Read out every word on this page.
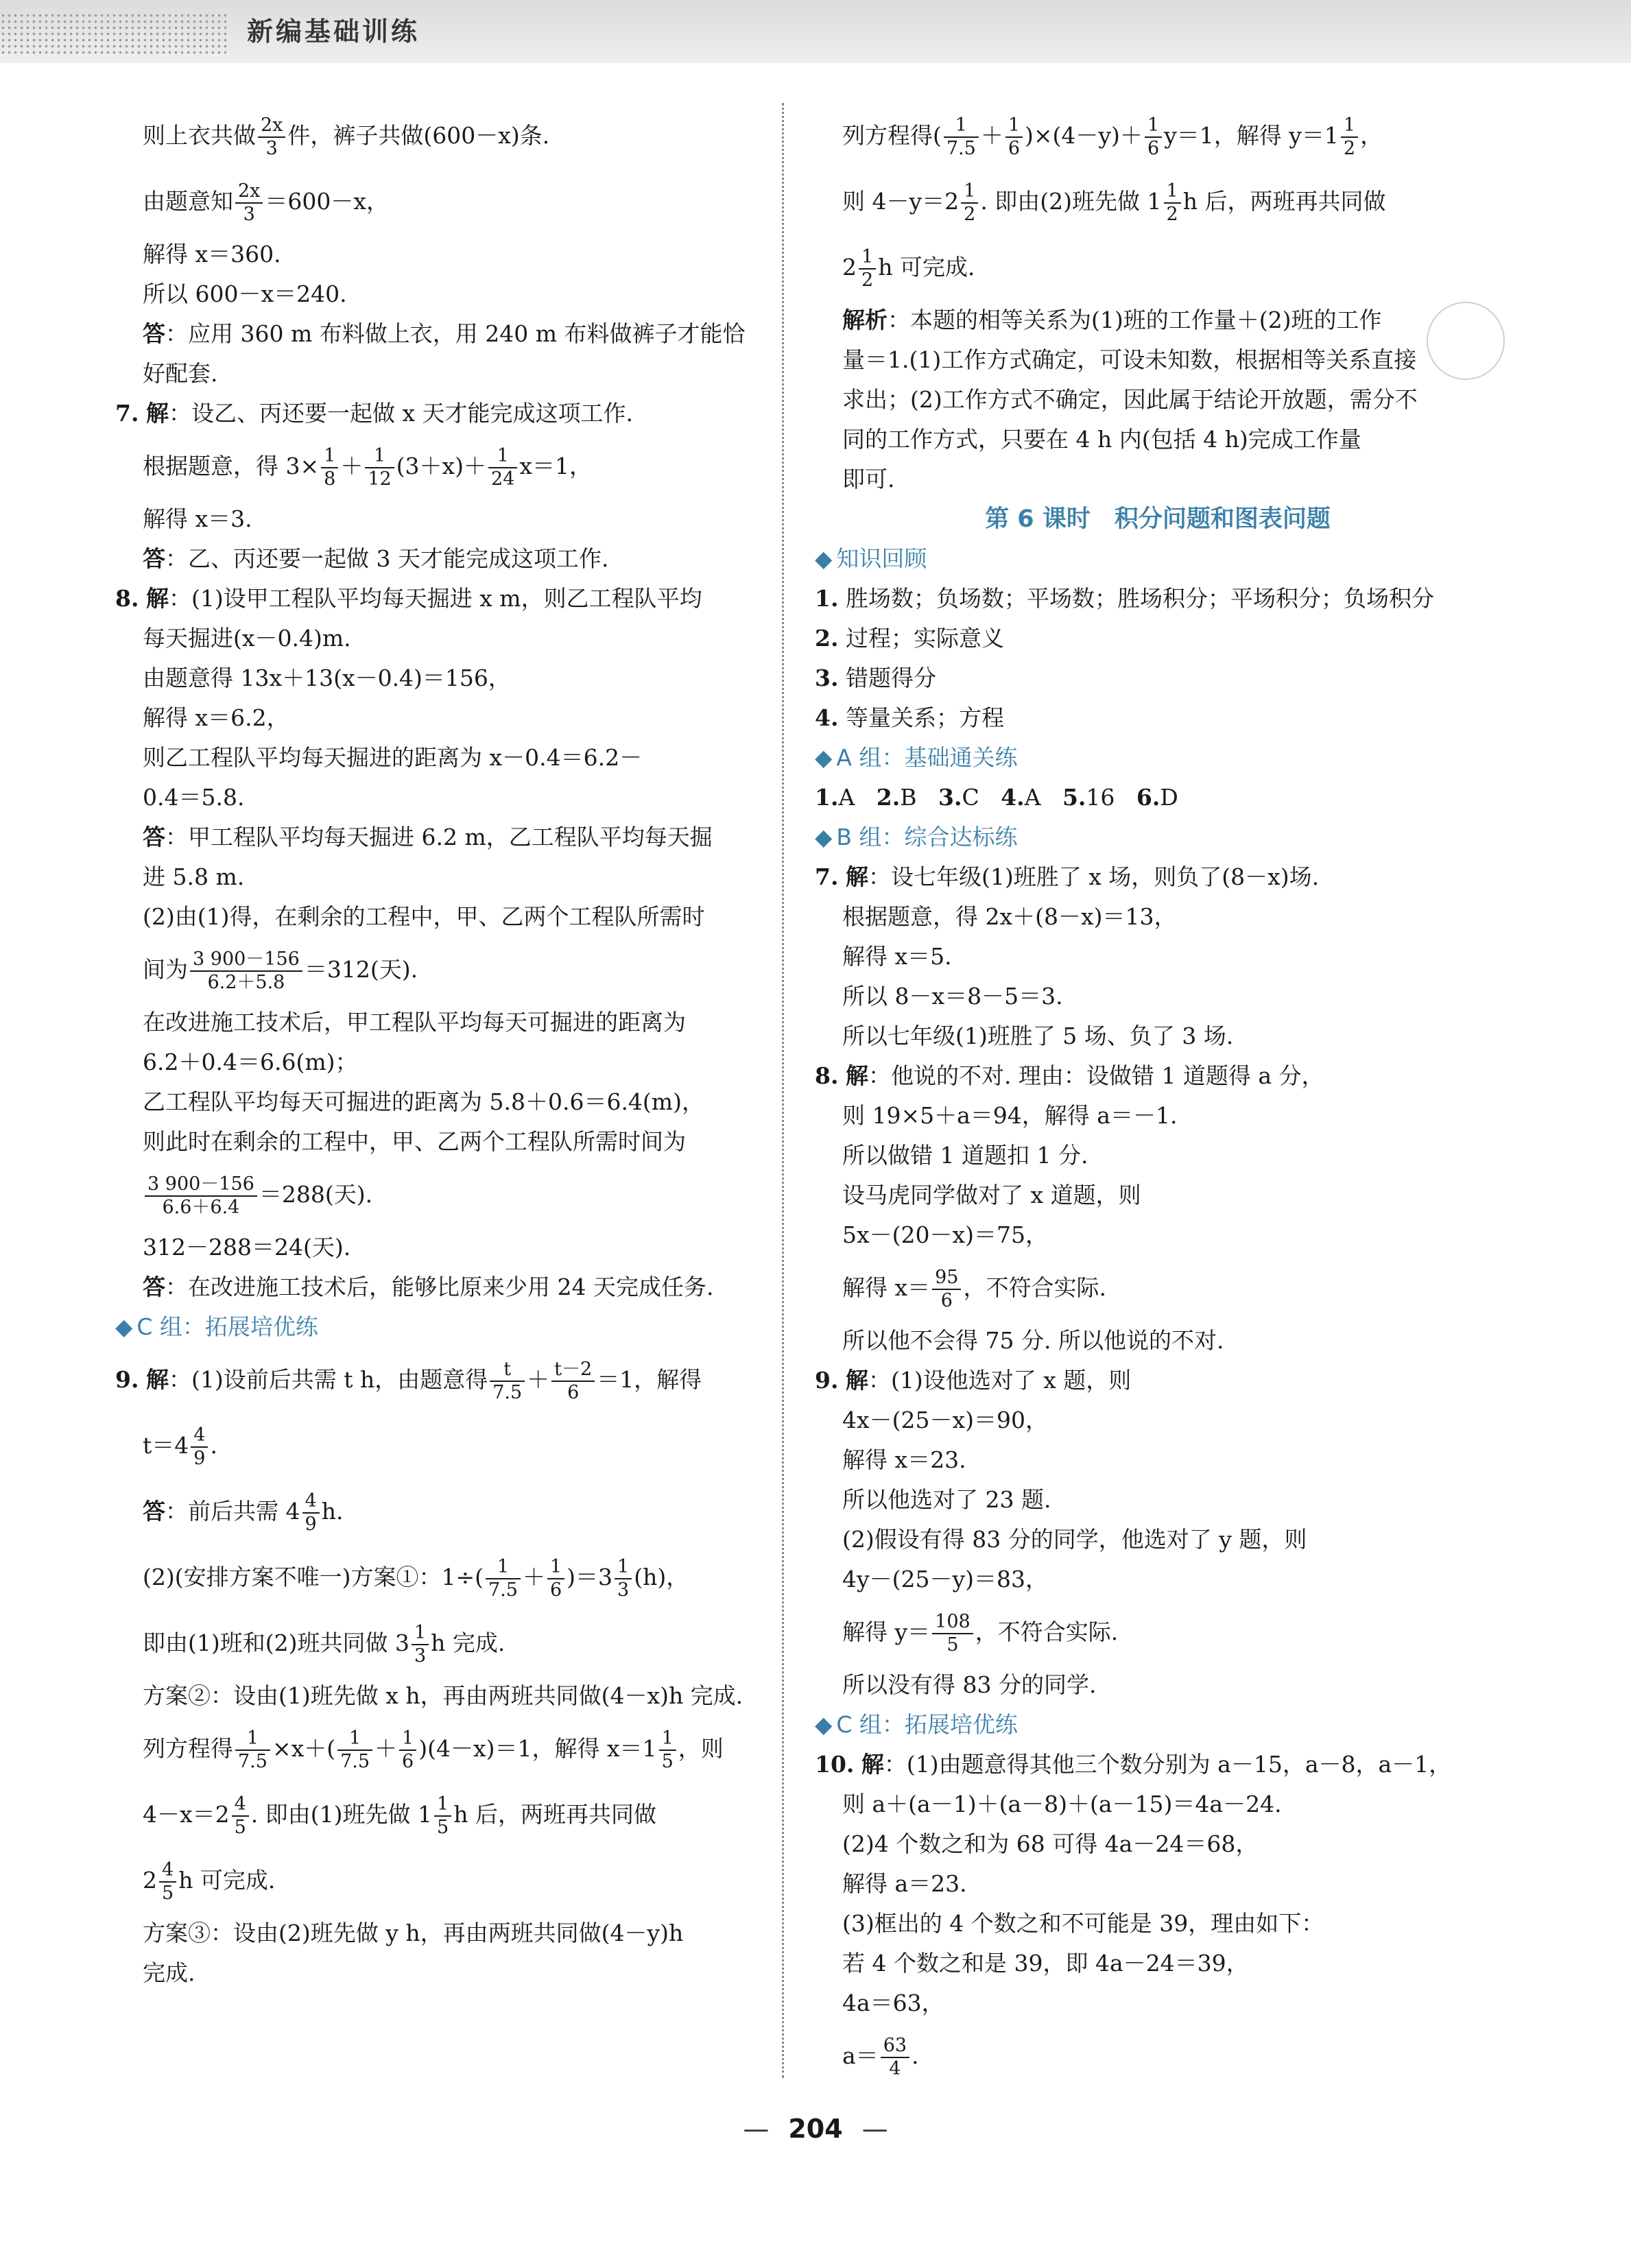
新编基础训练
则上衣共做 $\frac{2x}{3}$ 件，裤子共做(600－x)条.
由题意知 $\frac{2x}{3} =600-x$，
解得 x＝360.
所以 600－x＝240.
答：应用 360 m 布料做上衣，用 240 m 布料做裤子才能恰
好配套.
7. 解：设乙、丙还要一起做 x 天才能完成这项工作.
根据题意，得 $3\times \frac{1}{8} + \frac{1}{12} (3+x)+ \frac{1}{24} x=1$，
解得 x＝3.
答：乙、丙还要一起做 3 天才能完成这项工作.
8. 解：(1)设甲工程队平均每天掘进 x m，则乙工程队平均
每天掘进(x－0.4)m.
由题意得 13x＋13(x－0.4)＝156，
解得 x＝6.2，
则乙工程队平均每天掘进的距离为 x－0.4＝6.2－
0.4＝5.8.
答：甲工程队平均每天掘进 6.2 m，乙工程队平均每天掘
进 5.8 m.
(2)由(1)得，在剩余的工程中，甲、乙两个工程队所需时
间为 $\frac{3 900-156}{6.2+5.8} =312$(天).
在改进施工技术后，甲工程队平均每天可掘进的距离为
6.2＋0.4＝6.6(m)；
乙工程队平均每天可掘进的距离为 5.8＋0.6＝6.4(m)，
则此时在剩余的工程中，甲、乙两个工程队所需时间为
$\frac{3 900-156}{6.6+6.4} =288$(天).
312－288＝24(天).
答：在改进施工技术后，能够比原来少用 24 天完成任务.
◆ C 组：拓展培优练
9. 解：(1)设前后共需 t h，由题意得 $\frac{t}{7.5} + \frac{t-2}{6} =1$，解得
$t=4 \frac{4}{9}$ .
答：前后共需 $4 \frac{4}{9} h$.
(2)(安排方案不唯一)方案①：$1\div( \frac{1}{7.5} + \frac{1}{6} )=3 \frac{1}{3} (h)$，
即由(1)班和(2)班共同做 $3 \frac{1}{3}$ h 完成.
方案②：设由(1)班先做 x h，再由两班共同做(4－x)h 完成.
列方程得 $\frac{1}{7.5} \times x+( \frac{1}{7.5} + \frac{1}{6} )(4-x)=1$，解得 $x=1 \frac{1}{5}$ ，则
$4-x=2 \frac{4}{5}$ . 即由(1)班先做 $1 \frac{1}{5}$ h 后，两班再共同做
$2 \frac{4}{5}$ h 可完成.
方案③：设由(2)班先做 y h，再由两班共同做(4－y)h
完成.
列方程得( $\frac{1}{7.5} + \frac{1}{6} )\times(4-y)+ \frac{1}{6} y=1$，解得 $y=1 \frac{1}{2}$ ，
则 $4-y=2 \frac{1}{2}$ . 即由(2)班先做 $1 \frac{1}{2}$ h 后，两班再共同做
$2 \frac{1}{2}$ h 可完成.
解析：本题的相等关系为(1)班的工作量＋(2)班的工作
量＝1.(1)工作方式确定，可设未知数，根据相等关系直接
求出；(2)工作方式不确定，因此属于结论开放题，需分不
同的工作方式，只要在 4 h 内(包括 4 h)完成工作量
即可.
第 6 课时　积分问题和图表问题
◆ 知识回顾
1. 胜场数；负场数；平场数；胜场积分；平场积分；负场积分
2. 过程；实际意义
3. 错题得分
4. 等量关系；方程
◆ A 组：基础通关练
1.A 2.B 3.C 4.A 5.16 6.D
◆ B 组：综合达标练
7. 解：设七年级(1)班胜了 x 场，则负了(8－x)场.
根据题意，得 2x＋(8－x)＝13，
解得 x＝5.
所以 8－x＝8－5＝3.
所以七年级(1)班胜了 5 场、负了 3 场.
8. 解：他说的不对. 理由：设做错 1 道题得 a 分，
则 19×5＋a＝94，解得 a＝－1.
所以做错 1 道题扣 1 分.
设马虎同学做对了 x 道题，则
5x－(20－x)＝75，
解得 $x= \frac{95}{6}$ ，不符合实际.
所以他不会得 75 分. 所以他说的不对.
9. 解：(1)设他选对了 x 题，则
4x－(25－x)＝90，
解得 x＝23.
所以他选对了 23 题.
(2)假设有得 83 分的同学，他选对了 y 题，则
4y－(25－y)＝83，
解得 $y= \frac{108}{5}$ ，不符合实际.
所以没有得 83 分的同学.
◆ C 组：拓展培优练
10. 解：(1)由题意得其他三个数分别为 a－15，a－8，a－1，
则 a＋(a－1)＋(a－8)＋(a－15)＝4a－24.
(2)4 个数之和为 68 可得 4a－24＝68，
解得 a＝23.
(3)框出的 4 个数之和不可能是 39，理由如下：
若 4 个数之和是 39，即 4a－24＝39，
4a＝63，
$a= \frac{63}{4}$ .
— 204 —
